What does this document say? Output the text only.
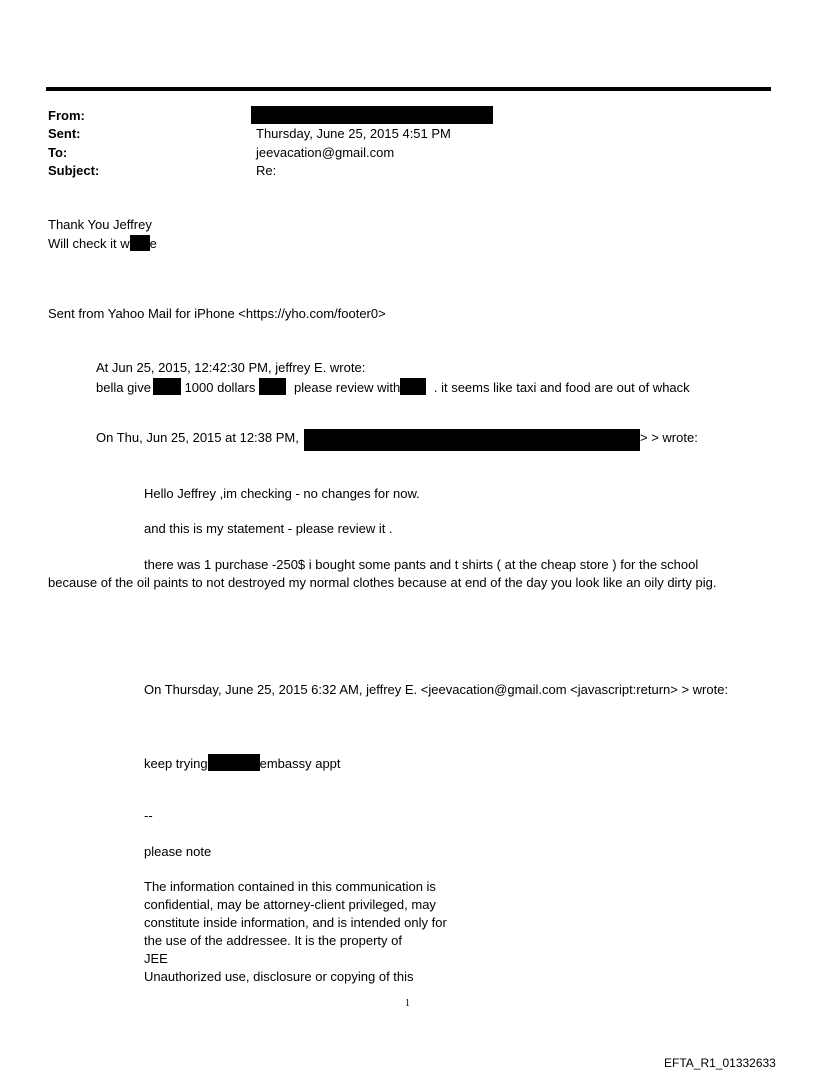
From:
Sent:	Thursday, June 25, 2015 4:51 PM
To:	jeevacation@gmail.com
Subject:	Re:
Thank You Jeffrey
Will check it w e
Sent from Yahoo Mail for iPhone <https://yho.com/footer0>
At Jun 25, 2015, 12:42:30 PM, jeffrey E. wrote:
bella give	1000 dollars	please review with	. it seems like taxi and food are out of whack
On Thu, Jun 25, 2015 at 12:38 PM,	> > wrote:
Hello Jeffrey ,im checking - no changes for now.
and this is my statement - please review it .
there was 1 purchase -250$ i bought some pants and t shirts ( at the cheap store ) for the school
because of the oil paints to not destroyed my normal clothes because at end of the day you look like an oily dirty pig.
On Thursday, June 25, 2015 6:32 AM, jeffrey E. <jeevacation@gmail.com <javascript:return> > wrote:
keep trying	embassy appt
--
please note
The information contained in this communication is
confidential, may be attorney-client privileged, may
constitute inside information, and is intended only for
the use of the addressee. It is the property of
JEE
Unauthorized use, disclosure or copying of this
1
EFTA_R1_01332633
